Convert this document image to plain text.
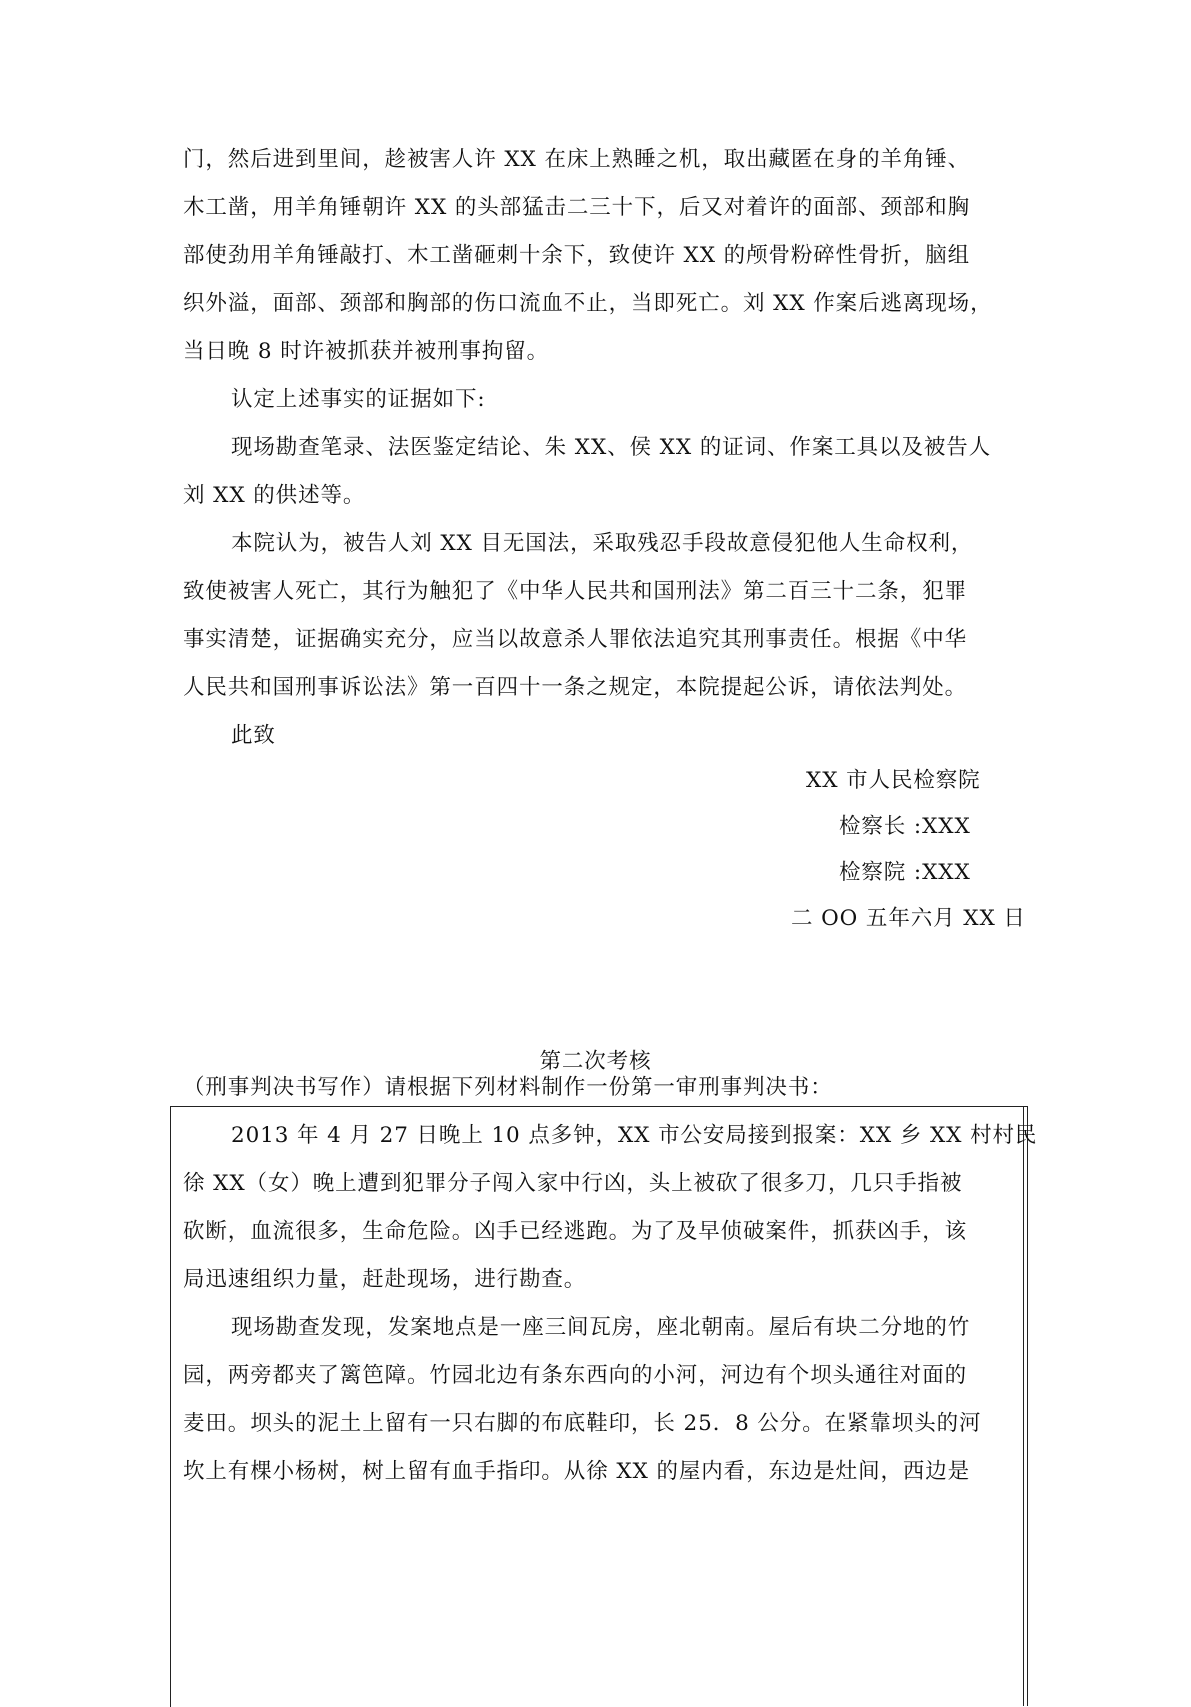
门，然后进到里间，趁被害人许 XX 在床上熟睡之机，取出藏匿在身的羊角锤、
木工凿，用羊角锤朝许 XX 的头部猛击二三十下，后又对着许的面部、颈部和胸
部使劲用羊角锤敲打、木工凿砸刺十余下，致使许 XX 的颅骨粉碎性骨折，脑组
织外溢，面部、颈部和胸部的伤口流血不止，当即死亡。刘 XX 作案后逃离现场，
当日晚 8 时许被抓获并被刑事拘留。
认定上述事实的证据如下:
现场勘查笔录、法医鉴定结论、朱 XX、侯 XX 的证词、作案工具以及被告人
刘 XX 的供述等。
本院认为，被告人刘 XX 目无国法，采取残忍手段故意侵犯他人生命权利，
致使被害人死亡，其行为触犯了《中华人民共和国刑法》第二百三十二条，犯罪
事实清楚，证据确实充分，应当以故意杀人罪依法追究其刑事责任。根据《中华
人民共和国刑事诉讼法》第一百四十一条之规定，本院提起公诉，请依法判处。
此致
XX 市人民检察院
检察长 :XXX
检察院 :XXX
二 OO 五年六月 XX 日
第二次考核
（刑事判决书写作）请根据下列材料制作一份第一审刑事判决书：
2013 年 4 月 27 日晚上 10 点多钟，XX 市公安局接到报案：XX 乡 XX 村村民
徐 XX（女）晚上遭到犯罪分子闯入家中行凶，头上被砍了很多刀，几只手指被
砍断，血流很多，生命危险。凶手已经逃跑。为了及早侦破案件，抓获凶手，该
局迅速组织力量，赶赴现场，进行勘查。
现场勘查发现，发案地点是一座三间瓦房，座北朝南。屋后有块二分地的竹
园，两旁都夹了篱笆障。竹园北边有条东西向的小河，河边有个坝头通往对面的
麦田。坝头的泥土上留有一只右脚的布底鞋印，长 25．8 公分。在紧靠坝头的河
坎上有棵小杨树，树上留有血手指印。从徐 XX 的屋内看，东边是灶间，西边是
